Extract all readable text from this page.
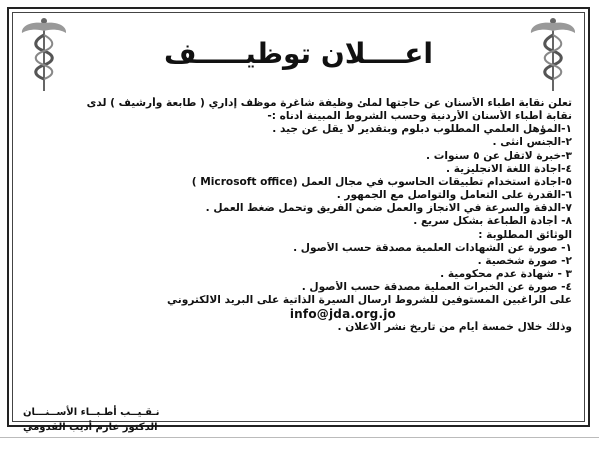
اعــــلان توظيـــــف
تعلن نقابة اطباء الأسنان عن حاجتها لملئ وظيفة شاغرة موظف إداري ( طابعة وأرشيف ) لدى
نقابة أطباء الأسنان الأردنية وحسب الشروط المبينة أدناه :-
١-المؤهل العلمي المطلوب دبلوم وبتقدير لا يقل عن جيد .
٢-الجنس انثى .
٣-خبرة لاتقل عن ٥ سنوات .
٤-اجادة اللغة الانجليزية .
٥-اجادة استخدام تطبيقات الحاسوب في مجال العمل (Microsoft office )
٦-القدرة على التعامل والتواصل مع الجمهور .
٧-الدقة والسرعة في الانجاز والعمل ضمن الفريق وتحمل ضغط العمل .
٨- أجادة الطباعة بشكل سريع .
الوثائق المطلوبة :
١- صورة عن الشهادات العلمية مصدقة حسب الأصول .
٢- صورة شخصية .
٣ - شهادة عدم محكومية .
٤- صورة عن الخبرات العملية مصدقة حسب الأصول .
على الراغبين المستوفين للشروط ارسال السيرة الذاتية على البريد الالكتروني
info@jda.org.jo
وذلك خلال خمسة أيام من تاريخ نشر الاعلان .
نـقـيــب أطـبــاء الأســنـــان
الدكتور عازم أديب القدومي
